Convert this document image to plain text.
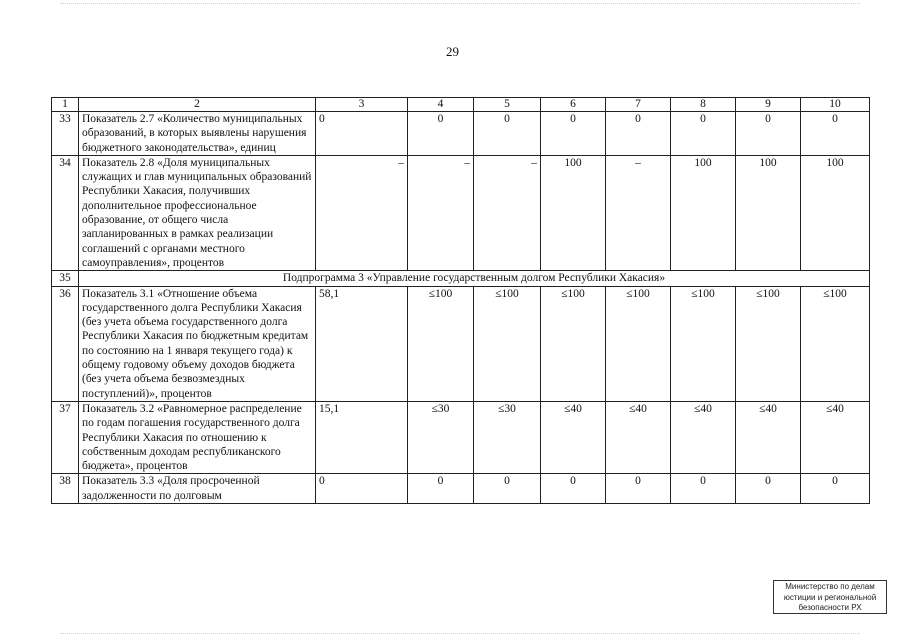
29
1	2	3	4	5	6	7	8	9	10
33	Показатель 2.7 «Количество муниципальных образований, в которых выявлены нарушения бюджетного законодательства», единиц	0	0	0	0	0	0	0	0
34	Показатель 2.8 «Доля муниципальных служащих и глав муниципальных образований Республики Хакасия, получивших дополнительное профессиональное образование, от общего числа запланированных в рамках реализации соглашений с органами местного самоуправления», процентов	–	–	–	100	–	100	100	100
35	Подпрограмма 3 «Управление государственным долгом Республики Хакасия»								
36	Показатель 3.1 «Отношение объема государственного долга Республики Хакасия (без учета объема государственного долга Республики Хакасия по бюджетным кредитам по состоянию на 1 января текущего года) к общему годовому объему доходов бюджета (без учета объема безвозмездных поступлений)», процентов	58,1	≤100	≤100	≤100	≤100	≤100	≤100	≤100
37	Показатель 3.2 «Равномерное распределение по годам погашения государственного долга Республики Хакасия по отношению к собственным доходам республиканского бюджета», процентов	15,1	≤30	≤30	≤40	≤40	≤40	≤40	≤40
38	Показатель 3.3 «Доля просроченной задолженности по долговым	0	0	0	0	0	0	0	0
Министерство по делам
юстиции и региональной
безопасности РХ
